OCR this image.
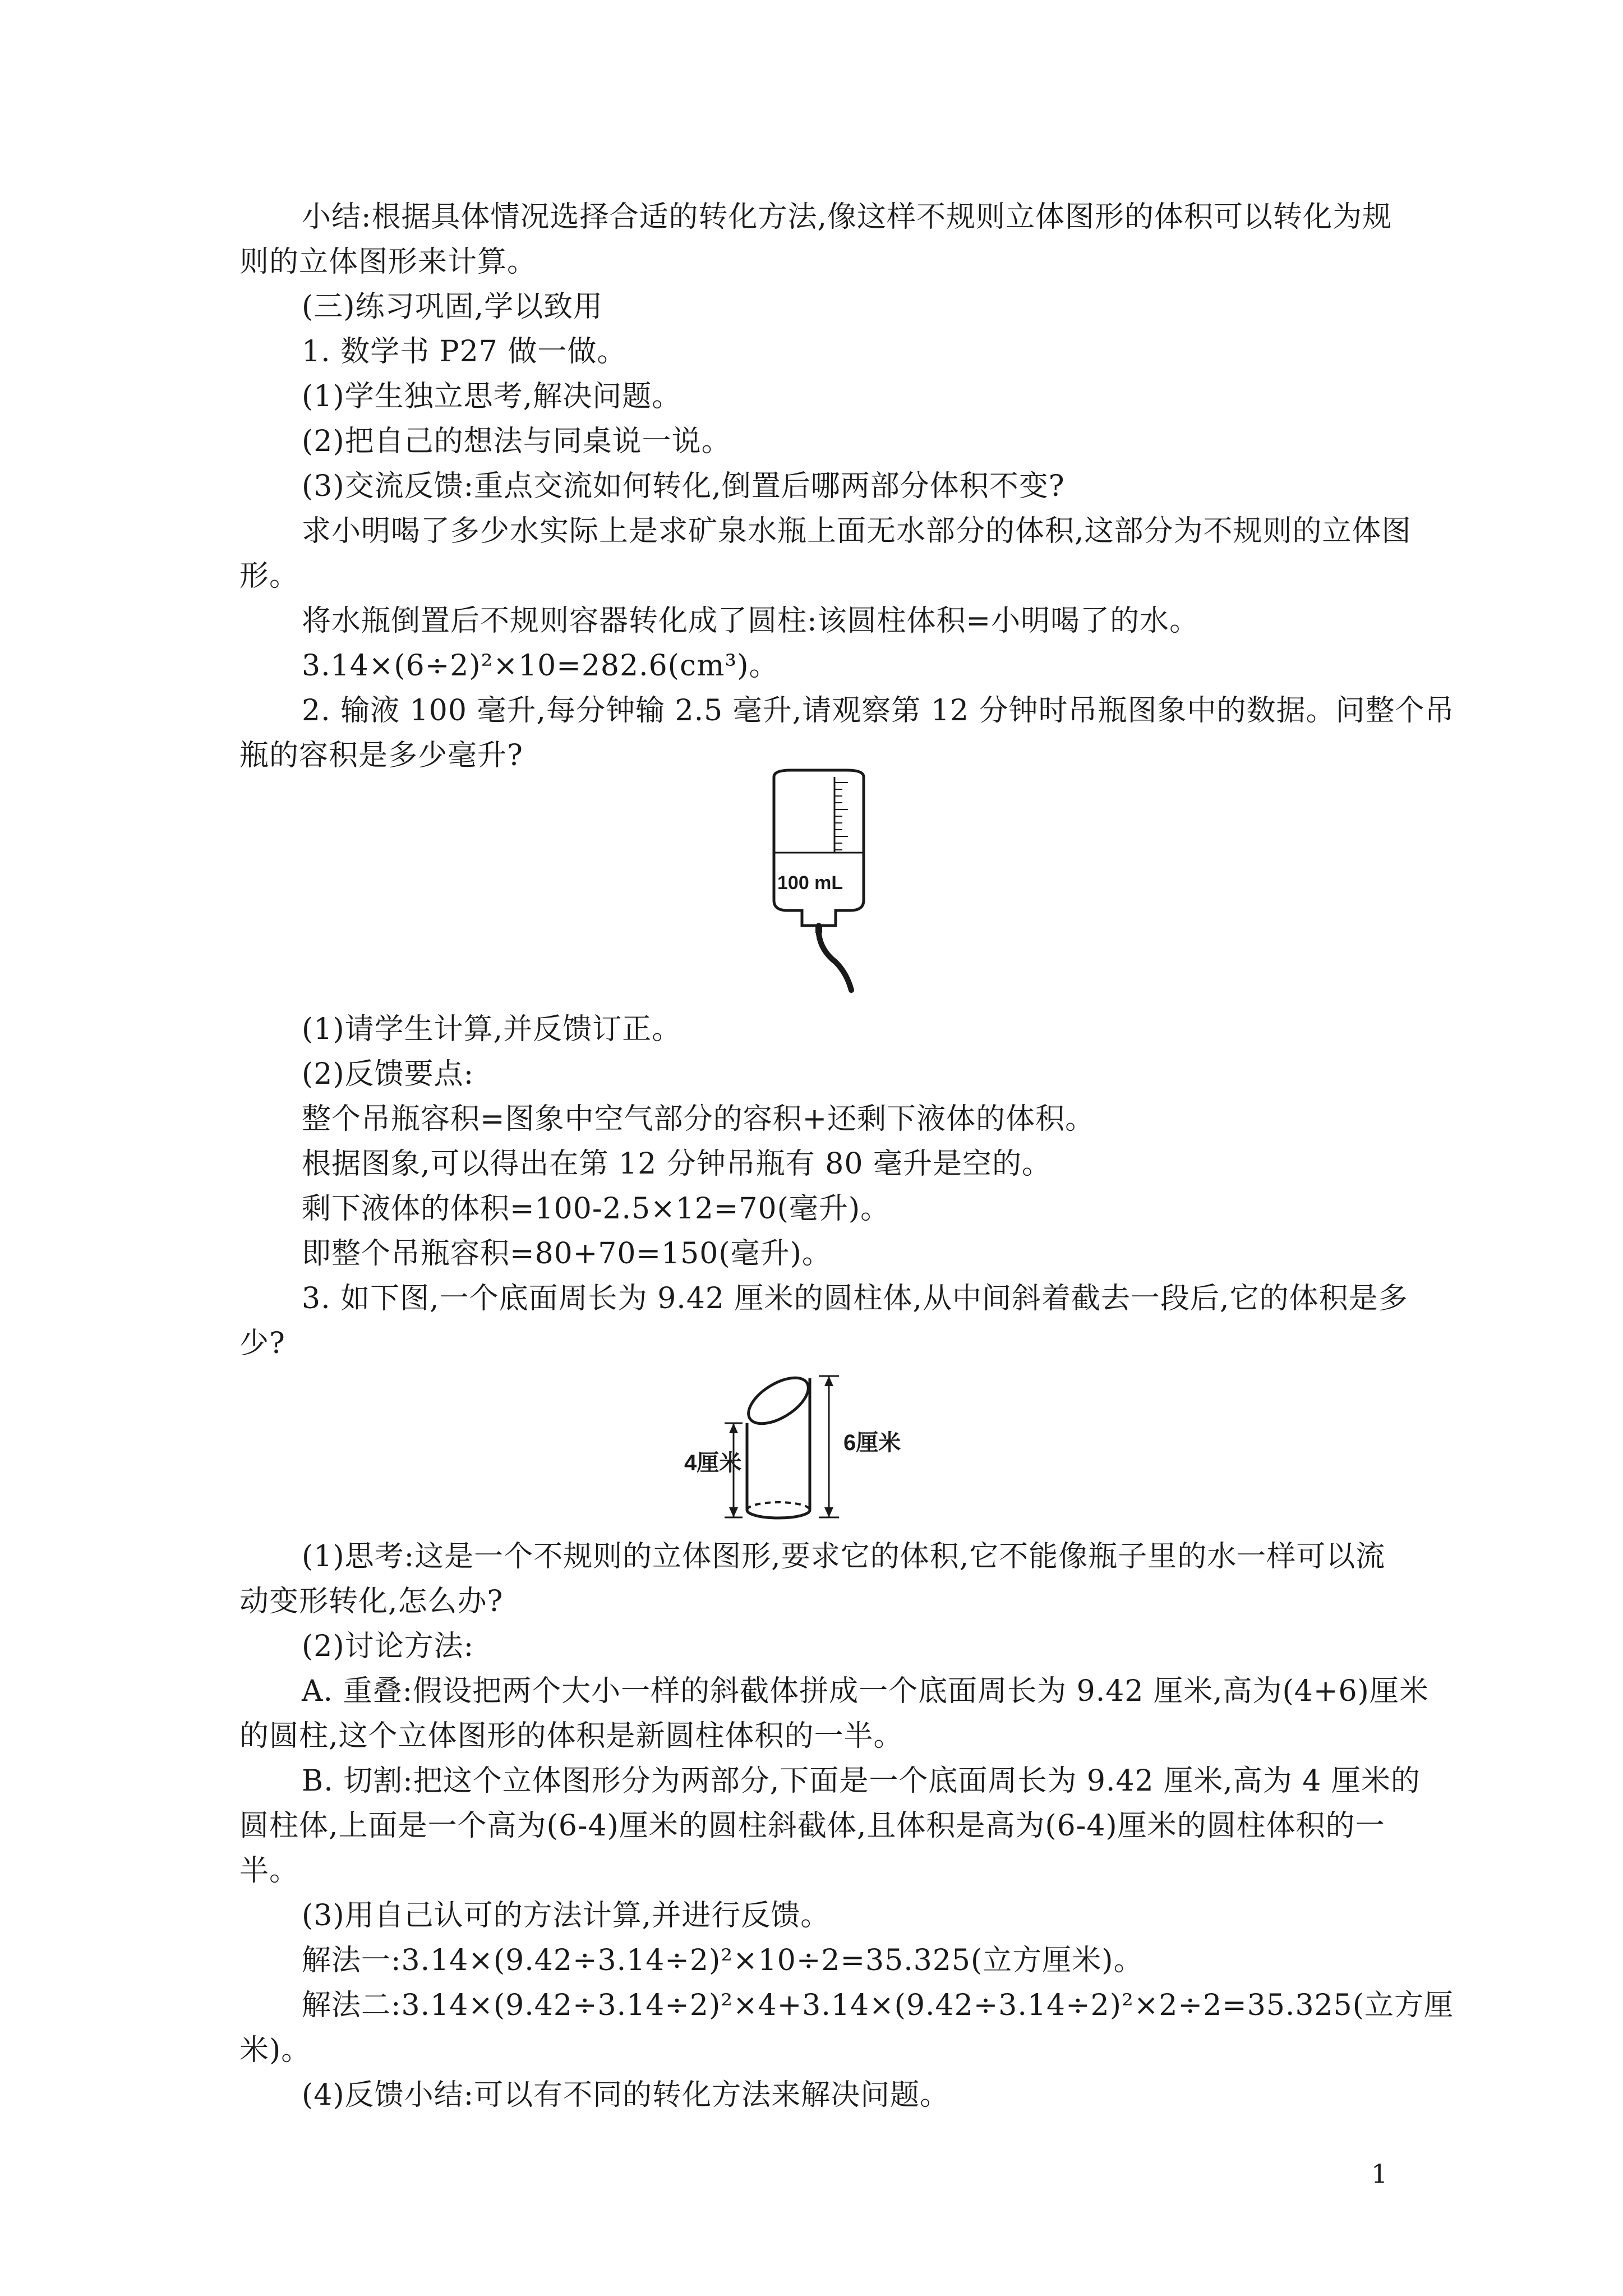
小结:根据具体情况选择合适的转化方法,像这样不规则立体图形的体积可以转化为规
则的立体图形来计算。
(三)练习巩固,学以致用
1. 数学书 P27 做一做。
(1)学生独立思考,解决问题。
(2)把自己的想法与同桌说一说。
(3)交流反馈:重点交流如何转化,倒置后哪两部分体积不变?
求小明喝了多少水实际上是求矿泉水瓶上面无水部分的体积,这部分为不规则的立体图
形。
将水瓶倒置后不规则容器转化成了圆柱:该圆柱体积=小明喝了的水。
3.14×(6÷2)²×10=282.6(cm³)。
2. 输液 100 毫升,每分钟输 2.5 毫升,请观察第 12 分钟时吊瓶图象中的数据。问整个吊
瓶的容积是多少毫升?
100 mL
(1)请学生计算,并反馈订正。
(2)反馈要点:
整个吊瓶容积=图象中空气部分的容积+还剩下液体的体积。
根据图象,可以得出在第 12 分钟吊瓶有 80 毫升是空的。
剩下液体的体积=100-2.5×12=70(毫升)。
即整个吊瓶容积=80+70=150(毫升)。
3. 如下图,一个底面周长为 9.42 厘米的圆柱体,从中间斜着截去一段后,它的体积是多
少?
4厘米
6厘米
(1)思考:这是一个不规则的立体图形,要求它的体积,它不能像瓶子里的水一样可以流
动变形转化,怎么办?
(2)讨论方法:
A. 重叠:假设把两个大小一样的斜截体拼成一个底面周长为 9.42 厘米,高为(4+6)厘米
的圆柱,这个立体图形的体积是新圆柱体积的一半。
B. 切割:把这个立体图形分为两部分,下面是一个底面周长为 9.42 厘米,高为 4 厘米的
圆柱体,上面是一个高为(6-4)厘米的圆柱斜截体,且体积是高为(6-4)厘米的圆柱体积的一
半。
(3)用自己认可的方法计算,并进行反馈。
解法一:3.14×(9.42÷3.14÷2)²×10÷2=35.325(立方厘米)。
解法二:3.14×(9.42÷3.14÷2)²×4+3.14×(9.42÷3.14÷2)²×2÷2=35.325(立方厘
米)。
(4)反馈小结:可以有不同的转化方法来解决问题。
1
